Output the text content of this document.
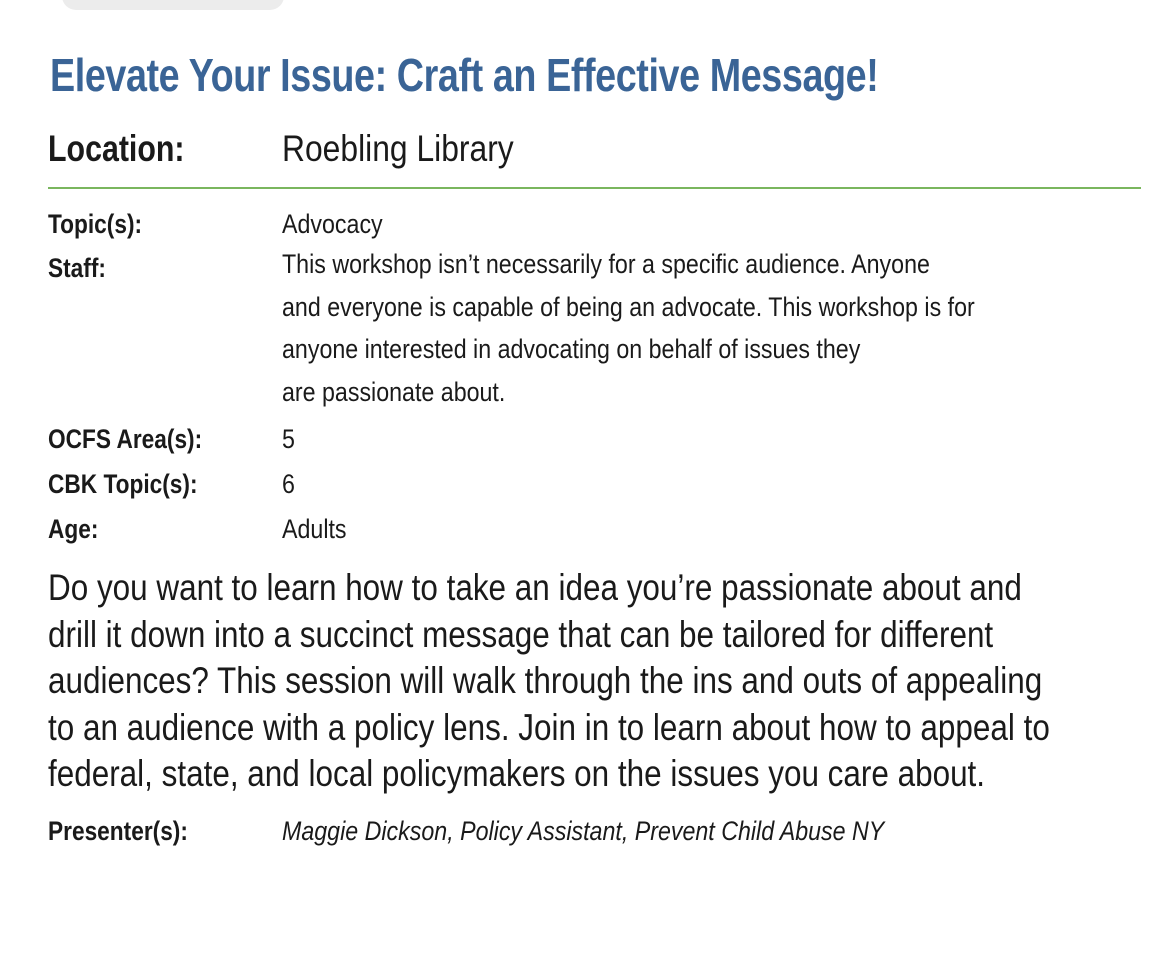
Elevate Your Issue: Craft an Effective Message!
Location:	Roebling Library
Topic(s):	Advocacy
Staff:	This workshop isn’t necessarily for a specific audience. Anyone
and everyone is capable of being an advocate. This workshop is for
anyone interested in advocating on behalf of issues they
are passionate about.
OCFS Area(s):	5
CBK Topic(s):	6
Age:	Adults
Do you want to learn how to take an idea you’re passionate about and
drill it down into a succinct message that can be tailored for different
audiences? This session will walk through the ins and outs of appealing
to an audience with a policy lens. Join in to learn about how to appeal to
federal, state, and local policymakers on the issues you care about.
Presenter(s):	Maggie Dickson, Policy Assistant, Prevent Child Abuse NY
